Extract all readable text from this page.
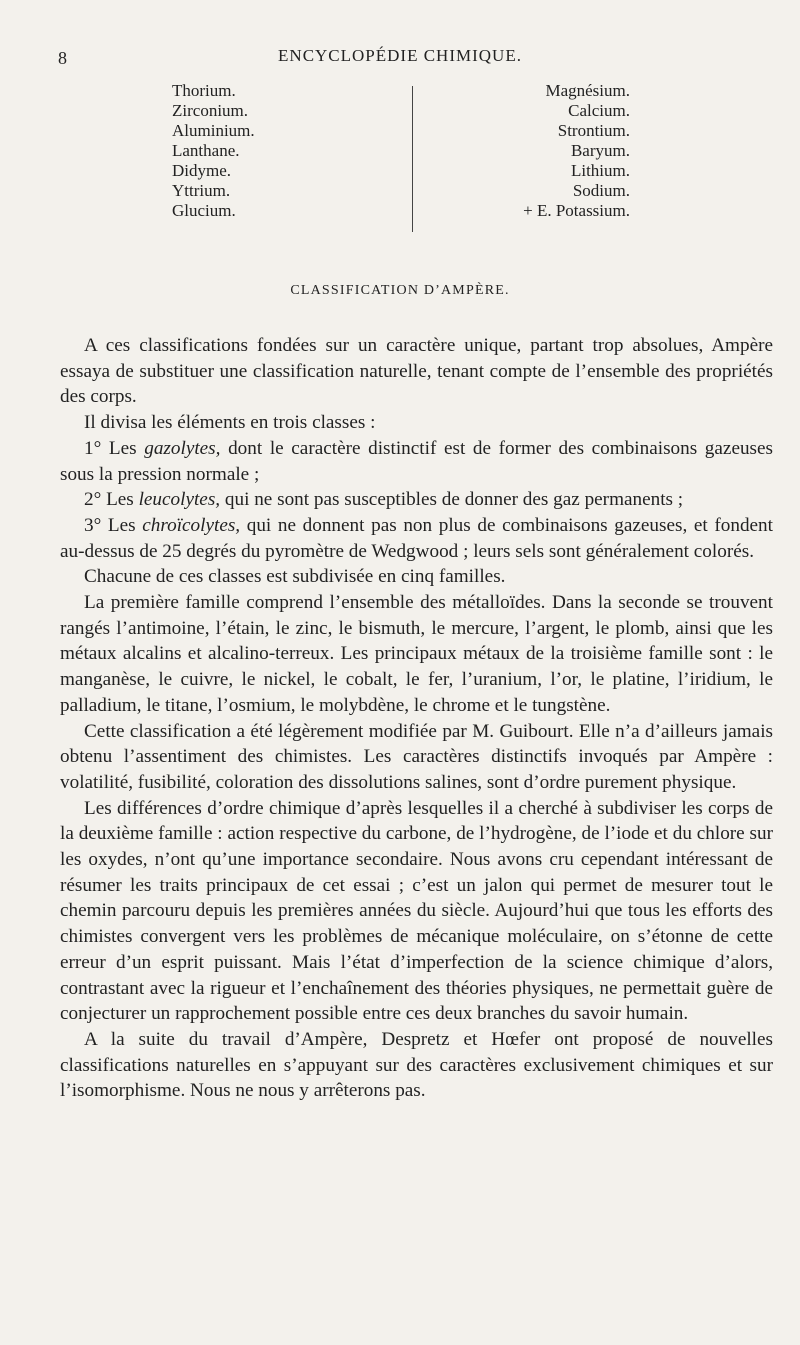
8	ENCYCLOPÉDIE CHIMIQUE.
Thorium.
Zirconium.
Aluminium.
Lanthane.
Didyme.
Yttrium.
Glucium.
Magnésium.
Calcium.
Strontium.
Baryum.
Lithium.
Sodium.
+ E.
Potassium.
CLASSIFICATION D’AMPÈRE.

A ces classifications fondées sur un caractère unique, partant trop absolues, Ampère essaya de substituer une classification naturelle, tenant compte de l’ensemble des propriétés des corps.

Il divisa les éléments en trois classes :

1° Les gazolytes, dont le caractère distinctif est de former des combinaisons gazeuses sous la pression normale ;

2° Les leucolytes, qui ne sont pas susceptibles de donner des gaz permanents ;

3° Les chroïcolytes, qui ne donnent pas non plus de combinaisons gazeuses, et fondent au-dessus de 25 degrés du pyromètre de Wedgwood ; leurs sels sont généralement colorés.

Chacune de ces classes est subdivisée en cinq familles.

La première famille comprend l’ensemble des métalloïdes. Dans la seconde se trouvent rangés l’antimoine, l’étain, le zinc, le bismuth, le mercure, l’argent, le plomb, ainsi que les métaux alcalins et alcalino-terreux. Les principaux métaux de la troisième famille sont : le manganèse, le cuivre, le nickel, le cobalt, le fer, l’uranium, l’or, le platine, l’iridium, le palladium, le titane, l’osmium, le molybdène, le chrome et le tungstène.

Cette classification a été légèrement modifiée par M. Guibourt. Elle n’a d’ailleurs jamais obtenu l’assentiment des chimistes. Les caractères distinctifs invoqués par Ampère : volatilité, fusibilité, coloration des dissolutions salines, sont d’ordre purement physique.

Les différences d’ordre chimique d’après lesquelles il a cherché à subdiviser les corps de la deuxième famille : action respective du carbone, de l’hydrogène, de l’iode et du chlore sur les oxydes, n’ont qu’une importance secondaire. Nous avons cru cependant intéressant de résumer les traits principaux de cet essai ; c’est un jalon qui permet de mesurer tout le chemin parcouru depuis les premières années du siècle. Aujourd’hui que tous les efforts des chimistes convergent vers les problèmes de mécanique moléculaire, on s’étonne de cette erreur d’un esprit puissant. Mais l’état d’imperfection de la science chimique d’alors, contrastant avec la rigueur et l’enchaînement des théories physiques, ne permettait guère de conjecturer un rapprochement possible entre ces deux branches du savoir humain.

A la suite du travail d’Ampère, Despretz et Hœfer ont proposé de nouvelles classifications naturelles en s’appuyant sur des caractères exclusivement chimiques et sur l’isomorphisme. Nous ne nous y arrêterons pas.
